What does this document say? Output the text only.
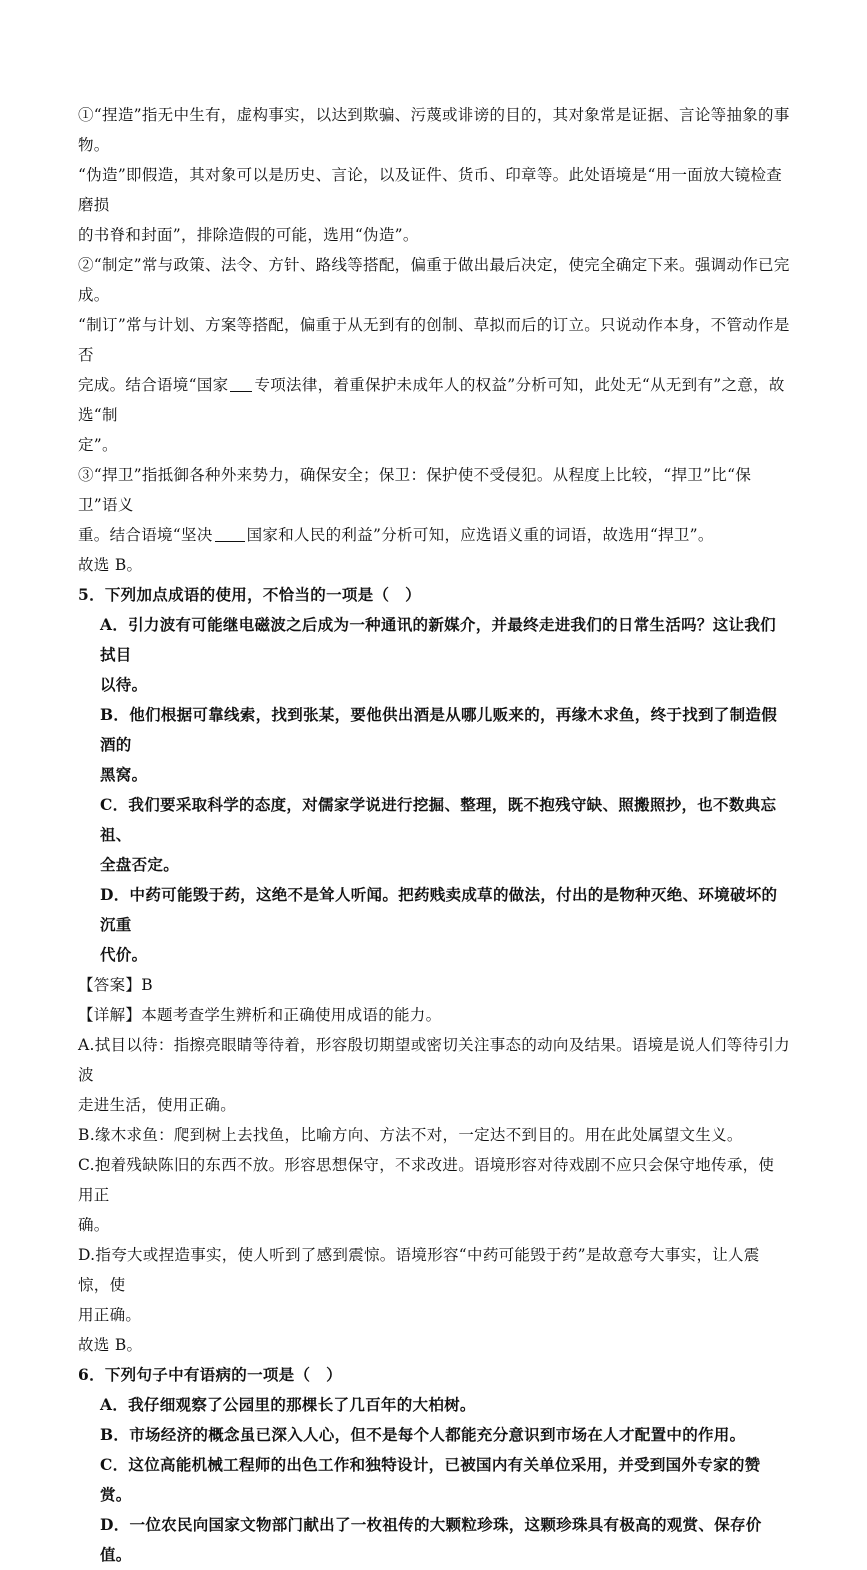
①“捏造”指无中生有，虚构事实，以达到欺骗、污蔑或诽谤的目的，其对象常是证据、言论等抽象的事物。
“伪造”即假造，其对象可以是历史、言论，以及证件、货币、印章等。此处语境是“用一面放大镜检查磨损
的书脊和封面”，排除造假的可能，选用“伪造”。
②“制定”常与政策、法令、方针、路线等搭配，偏重于做出最后决定，使完全确定下来。强调动作已完成。
“制订”常与计划、方案等搭配，偏重于从无到有的创制、草拟而后的订立。只说动作本身，不管动作是否
完成。结合语境“国家 专项法律，着重保护未成年人的权益”分析可知，此处无“从无到有”之意，故选“制
定”。
③“捍卫”指抵御各种外来势力，确保安全；保卫：保护使不受侵犯。从程度上比较，“捍卫”比“保卫”语义
重。结合语境“坚决 国家和人民的利益”分析可知，应选语义重的词语，故选用“捍卫”。
故选 B。
5．下列加点成语的使用，不恰当的一项是（　）
A．引力波有可能继电磁波之后成为一种通讯的新媒介，并最终走进我们的日常生活吗？这让我们拭目
以待。
B．他们根据可靠线索，找到张某，要他供出酒是从哪儿贩来的，再缘木求鱼，终于找到了制造假酒的
黑窝。
C．我们要采取科学的态度，对儒家学说进行挖掘、整理，既不抱残守缺、照搬照抄，也不数典忘祖、
全盘否定。
D．中药可能毁于药，这绝不是耸人听闻。把药贱卖成草的做法，付出的是物种灭绝、环境破坏的沉重
代价。
【答案】B
【详解】本题考查学生辨析和正确使用成语的能力。
A.拭目以待：指擦亮眼睛等待着，形容殷切期望或密切关注事态的动向及结果。语境是说人们等待引力波
走进生活，使用正确。
B.缘木求鱼：爬到树上去找鱼，比喻方向、方法不对，一定达不到目的。用在此处属望文生义。
C.抱着残缺陈旧的东西不放。形容思想保守，不求改进。语境形容对待戏剧不应只会保守地传承，使用正
确。
D.指夸大或捏造事实，使人听到了感到震惊。语境形容“中药可能毁于药”是故意夸大事实，让人震惊，使
用正确。
故选 B。
6．下列句子中有语病的一项是（　）
A．我仔细观察了公园里的那棵长了几百年的大柏树。
B．市场经济的概念虽已深入人心，但不是每个人都能充分意识到市场在人才配置中的作用。
C．这位高能机械工程师的出色工作和独特设计，已被国内有关单位采用，并受到国外专家的赞赏。
D．一位农民向国家文物部门献出了一枚祖传的大颗粒珍珠，这颗珍珠具有极高的观赏、保存价值。
